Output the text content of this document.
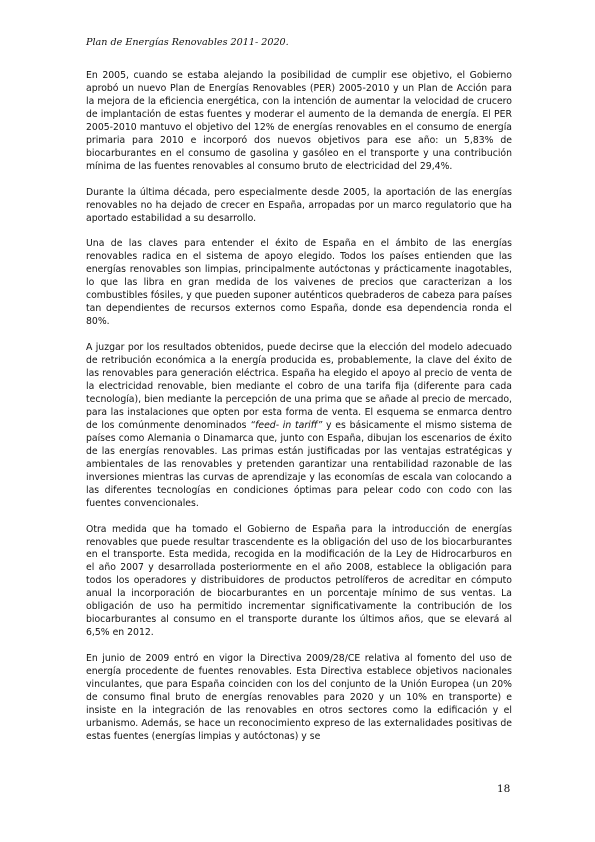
Plan de Energías Renovables 2011- 2020.

En 2005, cuando se estaba alejando la posibilidad de cumplir ese objetivo, el Gobierno aprobó un nuevo Plan de Energías Renovables (PER) 2005-2010 y un Plan de Acción para la mejora de la eficiencia energética, con la intención de aumentar la velocidad de crucero de implantación de estas fuentes y moderar el aumento de la demanda de energía. El PER 2005-2010 mantuvo el objetivo del 12% de energías renovables en el consumo de energía primaria para 2010 e incorporó dos nuevos objetivos para ese año: un 5,83% de biocarburantes en el consumo de gasolina y gasóleo en el transporte y una contribución mínima de las fuentes renovables al consumo bruto de electricidad del 29,4%.

Durante la última década, pero especialmente desde 2005, la aportación de las energías renovables no ha dejado de crecer en España, arropadas por un marco regulatorio que ha aportado estabilidad a su desarrollo.

Una de las claves para entender el éxito de España en el ámbito de las energías renovables radica en el sistema de apoyo elegido. Todos los países entienden que las energías renovables son limpias, principalmente autóctonas y prácticamente inagotables, lo que las libra en gran medida de los vaivenes de precios que caracterizan a los combustibles fósiles, y que pueden suponer auténticos quebraderos de cabeza para países tan dependientes de recursos externos como España, donde esa dependencia ronda el 80%.

A juzgar por los resultados obtenidos, puede decirse que la elección del modelo adecuado de retribución económica a la energía producida es, probablemente, la clave del éxito de las renovables para generación eléctrica. España ha elegido el apoyo al precio de venta de la electricidad renovable, bien mediante el cobro de una tarifa fija (diferente para cada tecnología), bien mediante la percepción de una prima que se añade al precio de mercado, para las instalaciones que opten por esta forma de venta. El esquema se enmarca dentro de los comúnmente denominados “feed- in tariff” y es básicamente el mismo sistema de países como Alemania o Dinamarca que, junto con España, dibujan los escenarios de éxito de las energías renovables. Las primas están justificadas por las ventajas estratégicas y ambientales de las renovables y pretenden garantizar una rentabilidad razonable de las inversiones mientras las curvas de aprendizaje y las economías de escala van colocando a las diferentes tecnologías en condiciones óptimas para pelear codo con codo con las fuentes convencionales.

Otra medida que ha tomado el Gobierno de España para la introducción de energías renovables que puede resultar trascendente es la obligación del uso de los biocarburantes en el transporte. Esta medida, recogida en la modificación de la Ley de Hidrocarburos en el año 2007 y desarrollada posteriormente en el año 2008, establece la obligación para todos los operadores y distribuidores de productos petrolíferos de acreditar en cómputo anual la incorporación de biocarburantes en un porcentaje mínimo de sus ventas. La obligación de uso ha permitido incrementar significativamente la contribución de los biocarburantes al consumo en el transporte durante los últimos años, que se elevará al 6,5% en 2012.

En junio de 2009 entró en vigor la Directiva 2009/28/CE relativa al fomento del uso de energía procedente de fuentes renovables. Esta Directiva establece objetivos nacionales vinculantes, que para España coinciden con los del conjunto de la Unión Europea (un 20% de consumo final bruto de energías renovables para 2020 y un 10% en transporte) e insiste en la integración de las renovables en otros sectores como la edificación y el urbanismo. Además, se hace un reconocimiento expreso de las externalidades positivas de estas fuentes (energías limpias y autóctonas) y se

18
